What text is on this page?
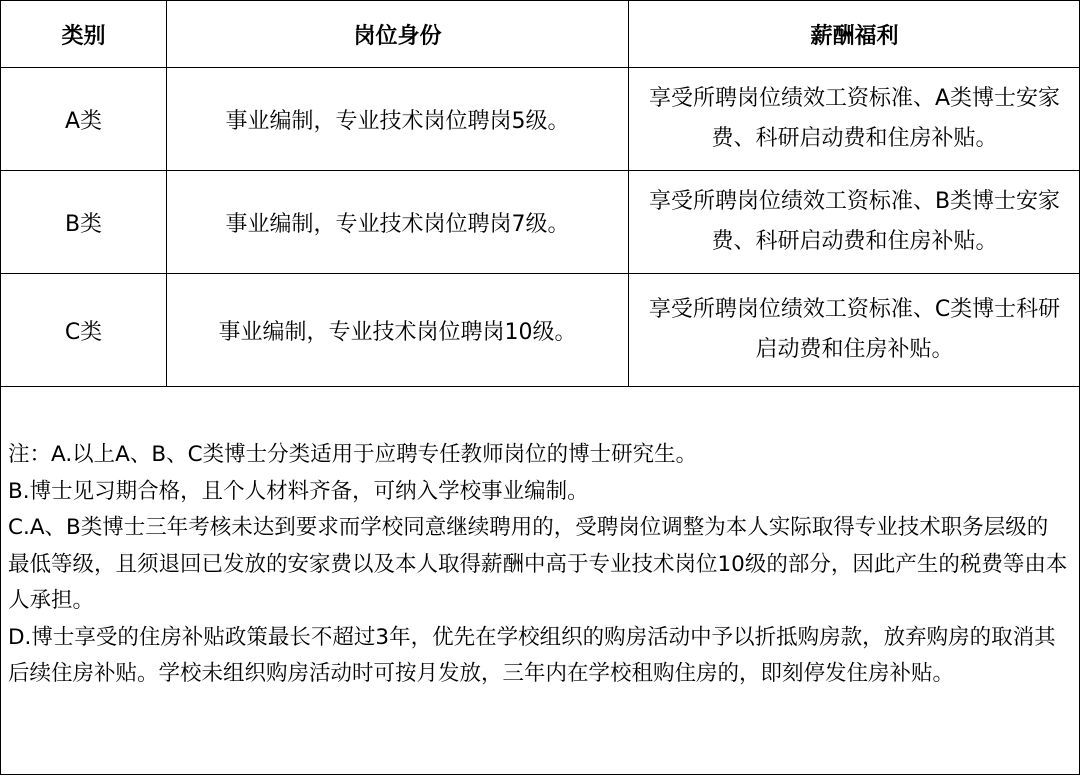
类别	岗位身份	薪酬福利
A类	事业编制，专业技术岗位聘岗5级。	享受所聘岗位绩效工资标准、A类博士安家费、科研启动费和住房补贴。

B类	事业编制，专业技术岗位聘岗7级。	享受所聘岗位绩效工资标准、B类博士安家费、科研启动费和住房补贴。

C类	事业编制，专业技术岗位聘岗10级。	享受所聘岗位绩效工资标准、C类博士科研启动费和住房补贴。

注：A.以上A、B、C类博士分类适用于应聘专任教师岗位的博士研究生。

B.博士见习期合格，且个人材料齐备，可纳入学校事业编制。

C.A、B类博士三年考核未达到要求而学校同意继续聘用的，受聘岗位调整为本人实际取得专业技术职务层级的最低等级，且须退回已发放的安家费以及本人取得薪酬中高于专业技术岗位10级的部分，因此产生的税费等由本人承担。

D.博士享受的住房补贴政策最长不超过3年，优先在学校组织的购房活动中予以折抵购房款，放弃购房的取消其后续住房补贴。学校未组织购房活动时可按月发放，三年内在学校租购住房的，即刻停发住房补贴。
